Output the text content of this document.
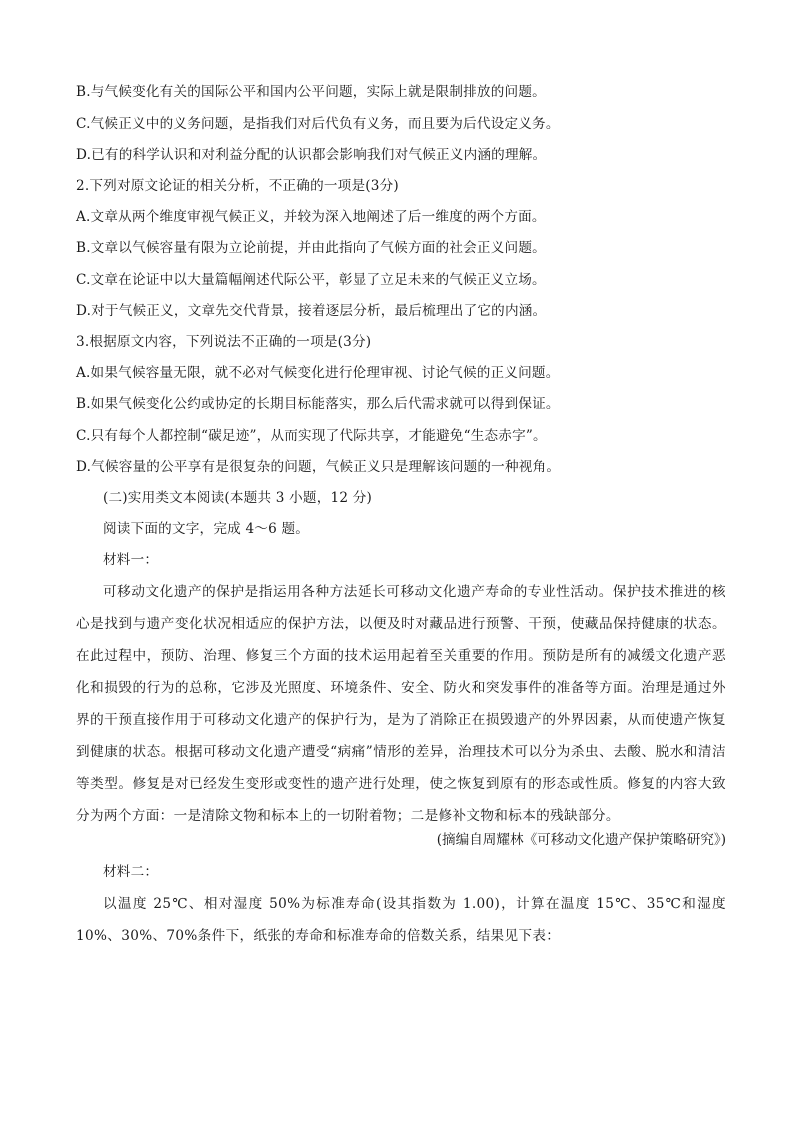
B.与气候变化有关的国际公平和国内公平问题，实际上就是限制排放的问题。
C.气候正义中的义务问题，是指我们对后代负有义务，而且要为后代设定义务。
D.已有的科学认识和对利益分配的认识都会影响我们对气候正义内涵的理解。
2.下列对原文论证的相关分析，不正确的一项是(3分)
A.文章从两个维度审视气候正义，并较为深入地阐述了后一维度的两个方面。
B.文章以气候容量有限为立论前提，并由此指向了气候方面的社会正义问题。
C.文章在论证中以大量篇幅阐述代际公平，彰显了立足未来的气候正义立场。
D.对于气候正义，文章先交代背景，接着逐层分析，最后梳理出了它的内涵。
3.根据原文内容，下列说法不正确的一项是(3分)
A.如果气候容量无限，就不必对气候变化进行伦理审视、讨论气候的正义问题。
B.如果气候变化公约或协定的长期目标能落实，那么后代需求就可以得到保证。
C.只有每个人都控制“碳足迹”，从而实现了代际共享，才能避免“生态赤字”。
D.气候容量的公平享有是很复杂的问题，气候正义只是理解该问题的一种视角。
(二)实用类文本阅读(本题共 3 小题，12 分)
阅读下面的文字，完成 4～6 题。
材料一：
可移动文化遗产的保护是指运用各种方法延长可移动文化遗产寿命的专业性活动。保护技术推进的核心是找到与遗产变化状况相适应的保护方法，以便及时对藏品进行预警、干预，使藏品保持健康的状态。在此过程中，预防、治理、修复三个方面的技术运用起着至关重要的作用。预防是所有的减缓文化遗产恶化和损毁的行为的总称，它涉及光照度、环境条件、安全、防火和突发事件的准备等方面。治理是通过外界的干预直接作用于可移动文化遗产的保护行为，是为了消除正在损毁遗产的外界因素，从而使遗产恢复到健康的状态。根据可移动文化遗产遭受“病痛”情形的差异，治理技术可以分为杀虫、去酸、脱水和清洁等类型。修复是对已经发生变形或变性的遗产进行处理，使之恢复到原有的形态或性质。修复的内容大致分为两个方面：一是清除文物和标本上的一切附着物；二是修补文物和标本的残缺部分。
(摘编自周耀林《可移动文化遗产保护策略研究》)
材料二：
以温度 25℃、相对湿度 50%为标准寿命(设其指数为 1.00)，计算在温度 15℃、35℃和湿度 10%、30%、70%条件下，纸张的寿命和标准寿命的倍数关系，结果见下表：
